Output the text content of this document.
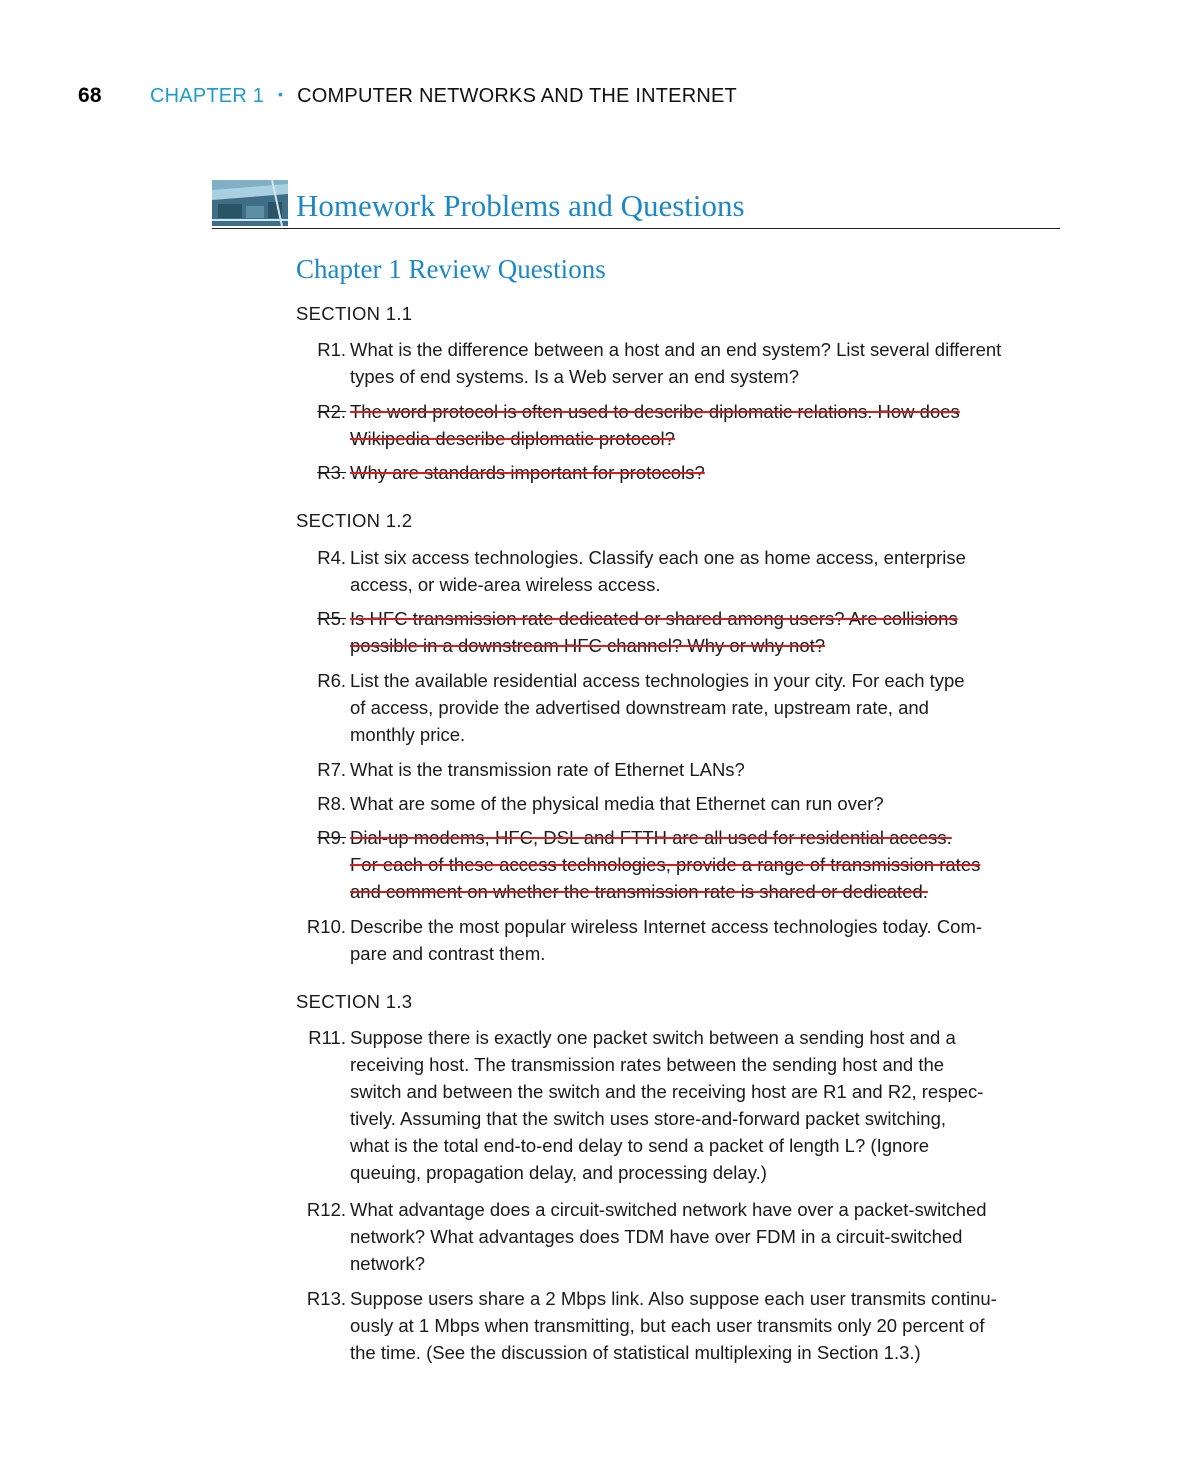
68	CHAPTER 1 • COMPUTER NETWORKS AND THE INTERNET
Homework Problems and Questions
Chapter 1 Review Questions
SECTION 1.1
R1. What is the difference between a host and an end system? List several different
types of end systems. Is a Web server an end system?
R2. The word protocol is often used to describe diplomatic relations. How does
Wikipedia describe diplomatic protocol?
R3. Why are standards important for protocols?
SECTION 1.2
R4. List six access technologies. Classify each one as home access, enterprise
access, or wide-area wireless access.
R5. Is HFC transmission rate dedicated or shared among users? Are collisions
possible in a downstream HFC channel? Why or why not?
R6. List the available residential access technologies in your city. For each type
of access, provide the advertised downstream rate, upstream rate, and
monthly price.
R7. What is the transmission rate of Ethernet LANs?
R8. What are some of the physical media that Ethernet can run over?
R9. Dial-up modems, HFC, DSL and FTTH are all used for residential access.
For each of these access technologies, provide a range of transmission rates
and comment on whether the transmission rate is shared or dedicated.
R10. Describe the most popular wireless Internet access technologies today. Com-
pare and contrast them.
SECTION 1.3
R11. Suppose there is exactly one packet switch between a sending host and a
receiving host. The transmission rates between the sending host and the
switch and between the switch and the receiving host are R1 and R2, respec-
tively. Assuming that the switch uses store-and-forward packet switching,
what is the total end-to-end delay to send a packet of length L? (Ignore
queuing, propagation delay, and processing delay.)
R12. What advantage does a circuit-switched network have over a packet-switched
network? What advantages does TDM have over FDM in a circuit-switched
network?
R13. Suppose users share a 2 Mbps link. Also suppose each user transmits continu-
ously at 1 Mbps when transmitting, but each user transmits only 20 percent of
the time. (See the discussion of statistical multiplexing in Section 1.3.)
